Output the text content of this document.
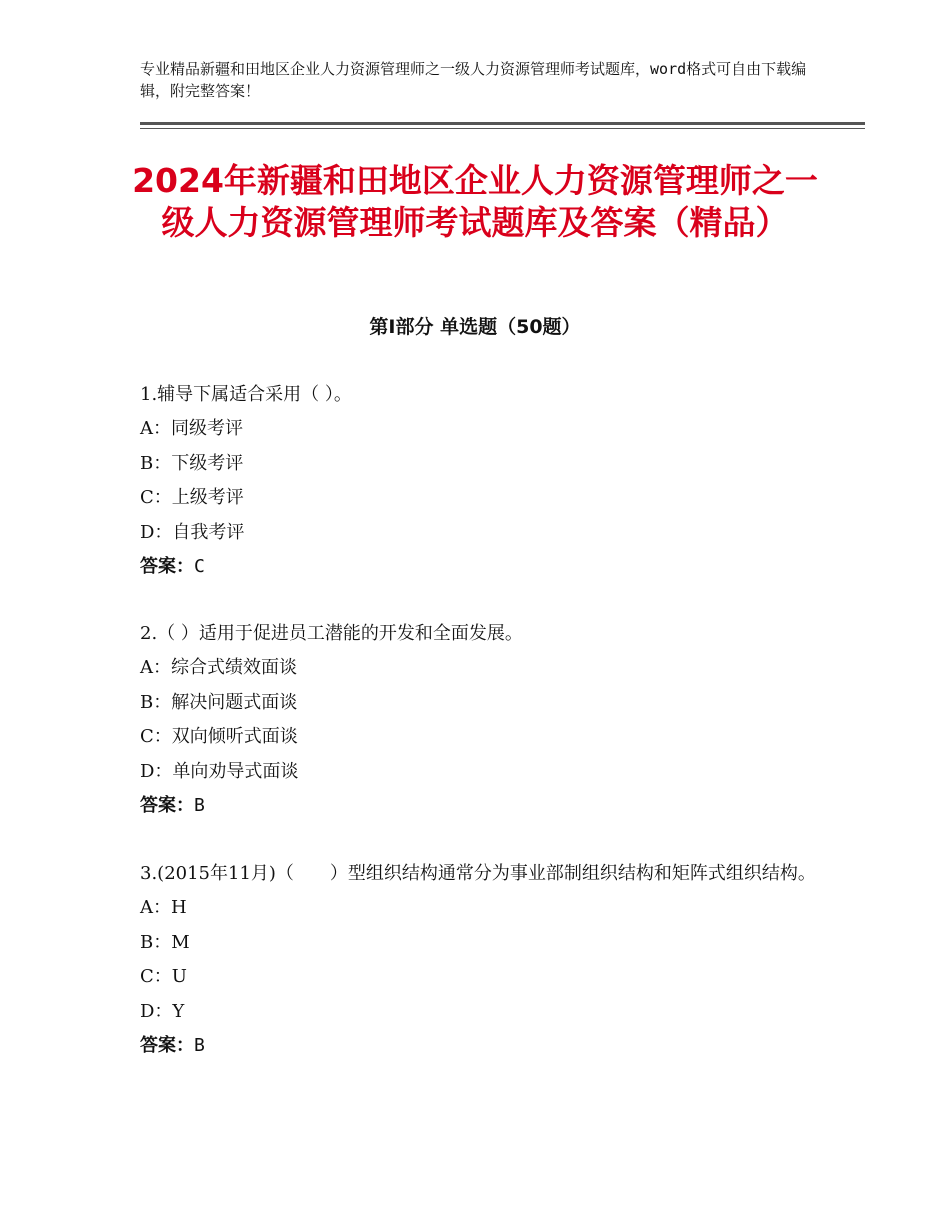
专业精品新疆和田地区企业人力资源管理师之一级人力资源管理师考试题库，word格式可自由下载编辑，附完整答案！
2024年新疆和田地区企业人力资源管理师之一级人力资源管理师考试题库及答案（精品）
第Ⅰ部分 单选题（50题）

1.辅导下属适合采用（ ）。

A：同级考评

B：下级考评

C：上级考评

D：自我考评

答案：C

2.（ ）适用于促进员工潜能的开发和全面发展。

A：综合式绩效面谈

B：解决问题式面谈

C：双向倾听式面谈

D：单向劝导式面谈

答案：B

3.(2015年11月)（　　）型组织结构通常分为事业部制组织结构和矩阵式组织结构。

A：H

B：M

C：U

D：Y

答案：B
